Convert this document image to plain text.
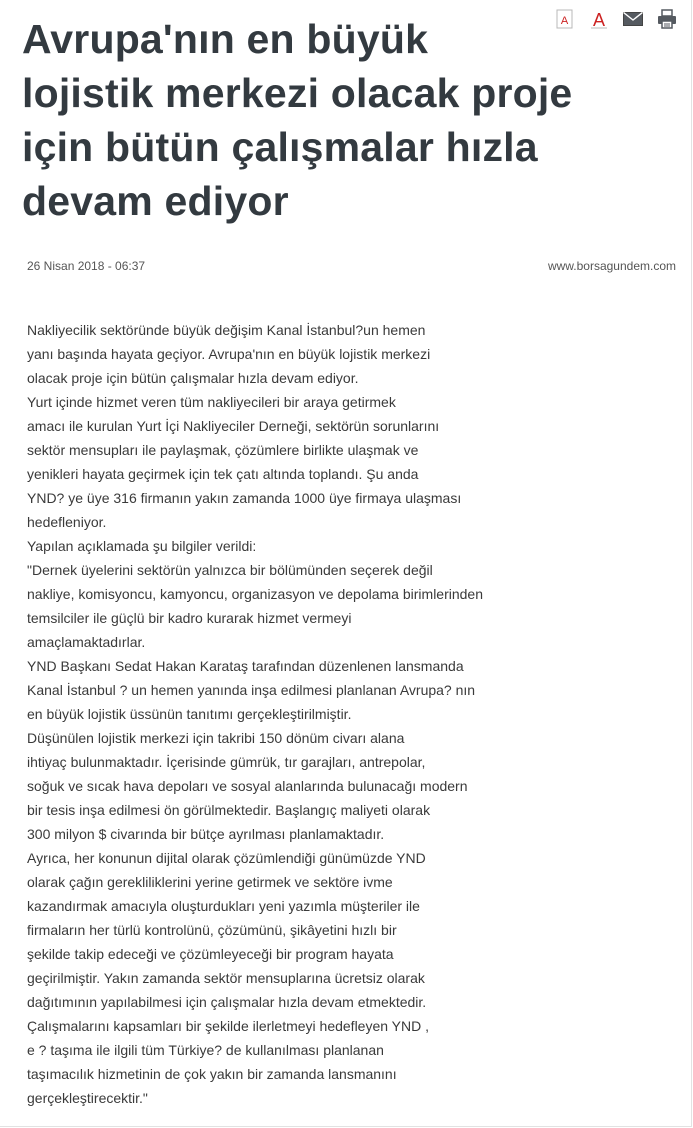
A A
Avrupa'nın en büyük
lojistik merkezi olacak proje
için bütün çalışmalar hızla
devam ediyor
26 Nisan 2018 - 06:37	www.borsagundem.com
Nakliyecilik sektöründe büyük değişim Kanal İstanbul?un hemen
yanı başında hayata geçiyor. Avrupa'nın en büyük lojistik merkezi
olacak proje için bütün çalışmalar hızla devam ediyor.
Yurt içinde hizmet veren tüm nakliyecileri bir araya getirmek
amacı ile kurulan Yurt İçi Nakliyeciler Derneği, sektörün sorunlarını
sektör mensupları ile paylaşmak, çözümlere birlikte ulaşmak ve
yenikleri hayata geçirmek için tek çatı altında toplandı. Şu anda
YND? ye üye 316 firmanın yakın zamanda 1000 üye firmaya ulaşması
hedefleniyor.
Yapılan açıklamada şu bilgiler verildi:
"Dernek üyelerini sektörün yalnızca bir bölümünden seçerek değil
nakliye, komisyoncu, kamyoncu, organizasyon ve depolama birimlerinden
temsilciler ile güçlü bir kadro kurarak hizmet vermeyi
amaçlamaktadırlar.
YND Başkanı Sedat Hakan Karataş tarafından düzenlenen lansmanda
Kanal İstanbul ? un hemen yanında inşa edilmesi planlanan Avrupa? nın
en büyük lojistik üssünün tanıtımı gerçekleştirilmiştir.
Düşünülen lojistik merkezi için takribi 150 dönüm civarı alana
ihtiyaç bulunmaktadır. İçerisinde gümrük, tır garajları, antrepolar,
soğuk ve sıcak hava depoları ve sosyal alanlarında bulunacağı modern
bir tesis inşa edilmesi ön görülmektedir. Başlangıç maliyeti olarak
300 milyon $ civarında bir bütçe ayrılması planlamaktadır.
Ayrıca, her konunun dijital olarak çözümlendiği günümüzde YND
olarak çağın gerekliliklerini yerine getirmek ve sektöre ivme
kazandırmak amacıyla oluşturdukları yeni yazımla müşteriler ile
firmaların her türlü kontrolünü, çözümünü, şikâyetini hızlı bir
şekilde takip edeceği ve çözümleyeceği bir program hayata
geçirilmiştir. Yakın zamanda sektör mensuplarına ücretsiz olarak
dağıtımının yapılabilmesi için çalışmalar hızla devam etmektedir.
Çalışmalarını kapsamları bir şekilde ilerletmeyi hedefleyen YND ,
e ? taşıma ile ilgili tüm Türkiye? de kullanılması planlanan
taşımacılık hizmetinin de çok yakın bir zamanda lansmanını
gerçekleştirecektir."
